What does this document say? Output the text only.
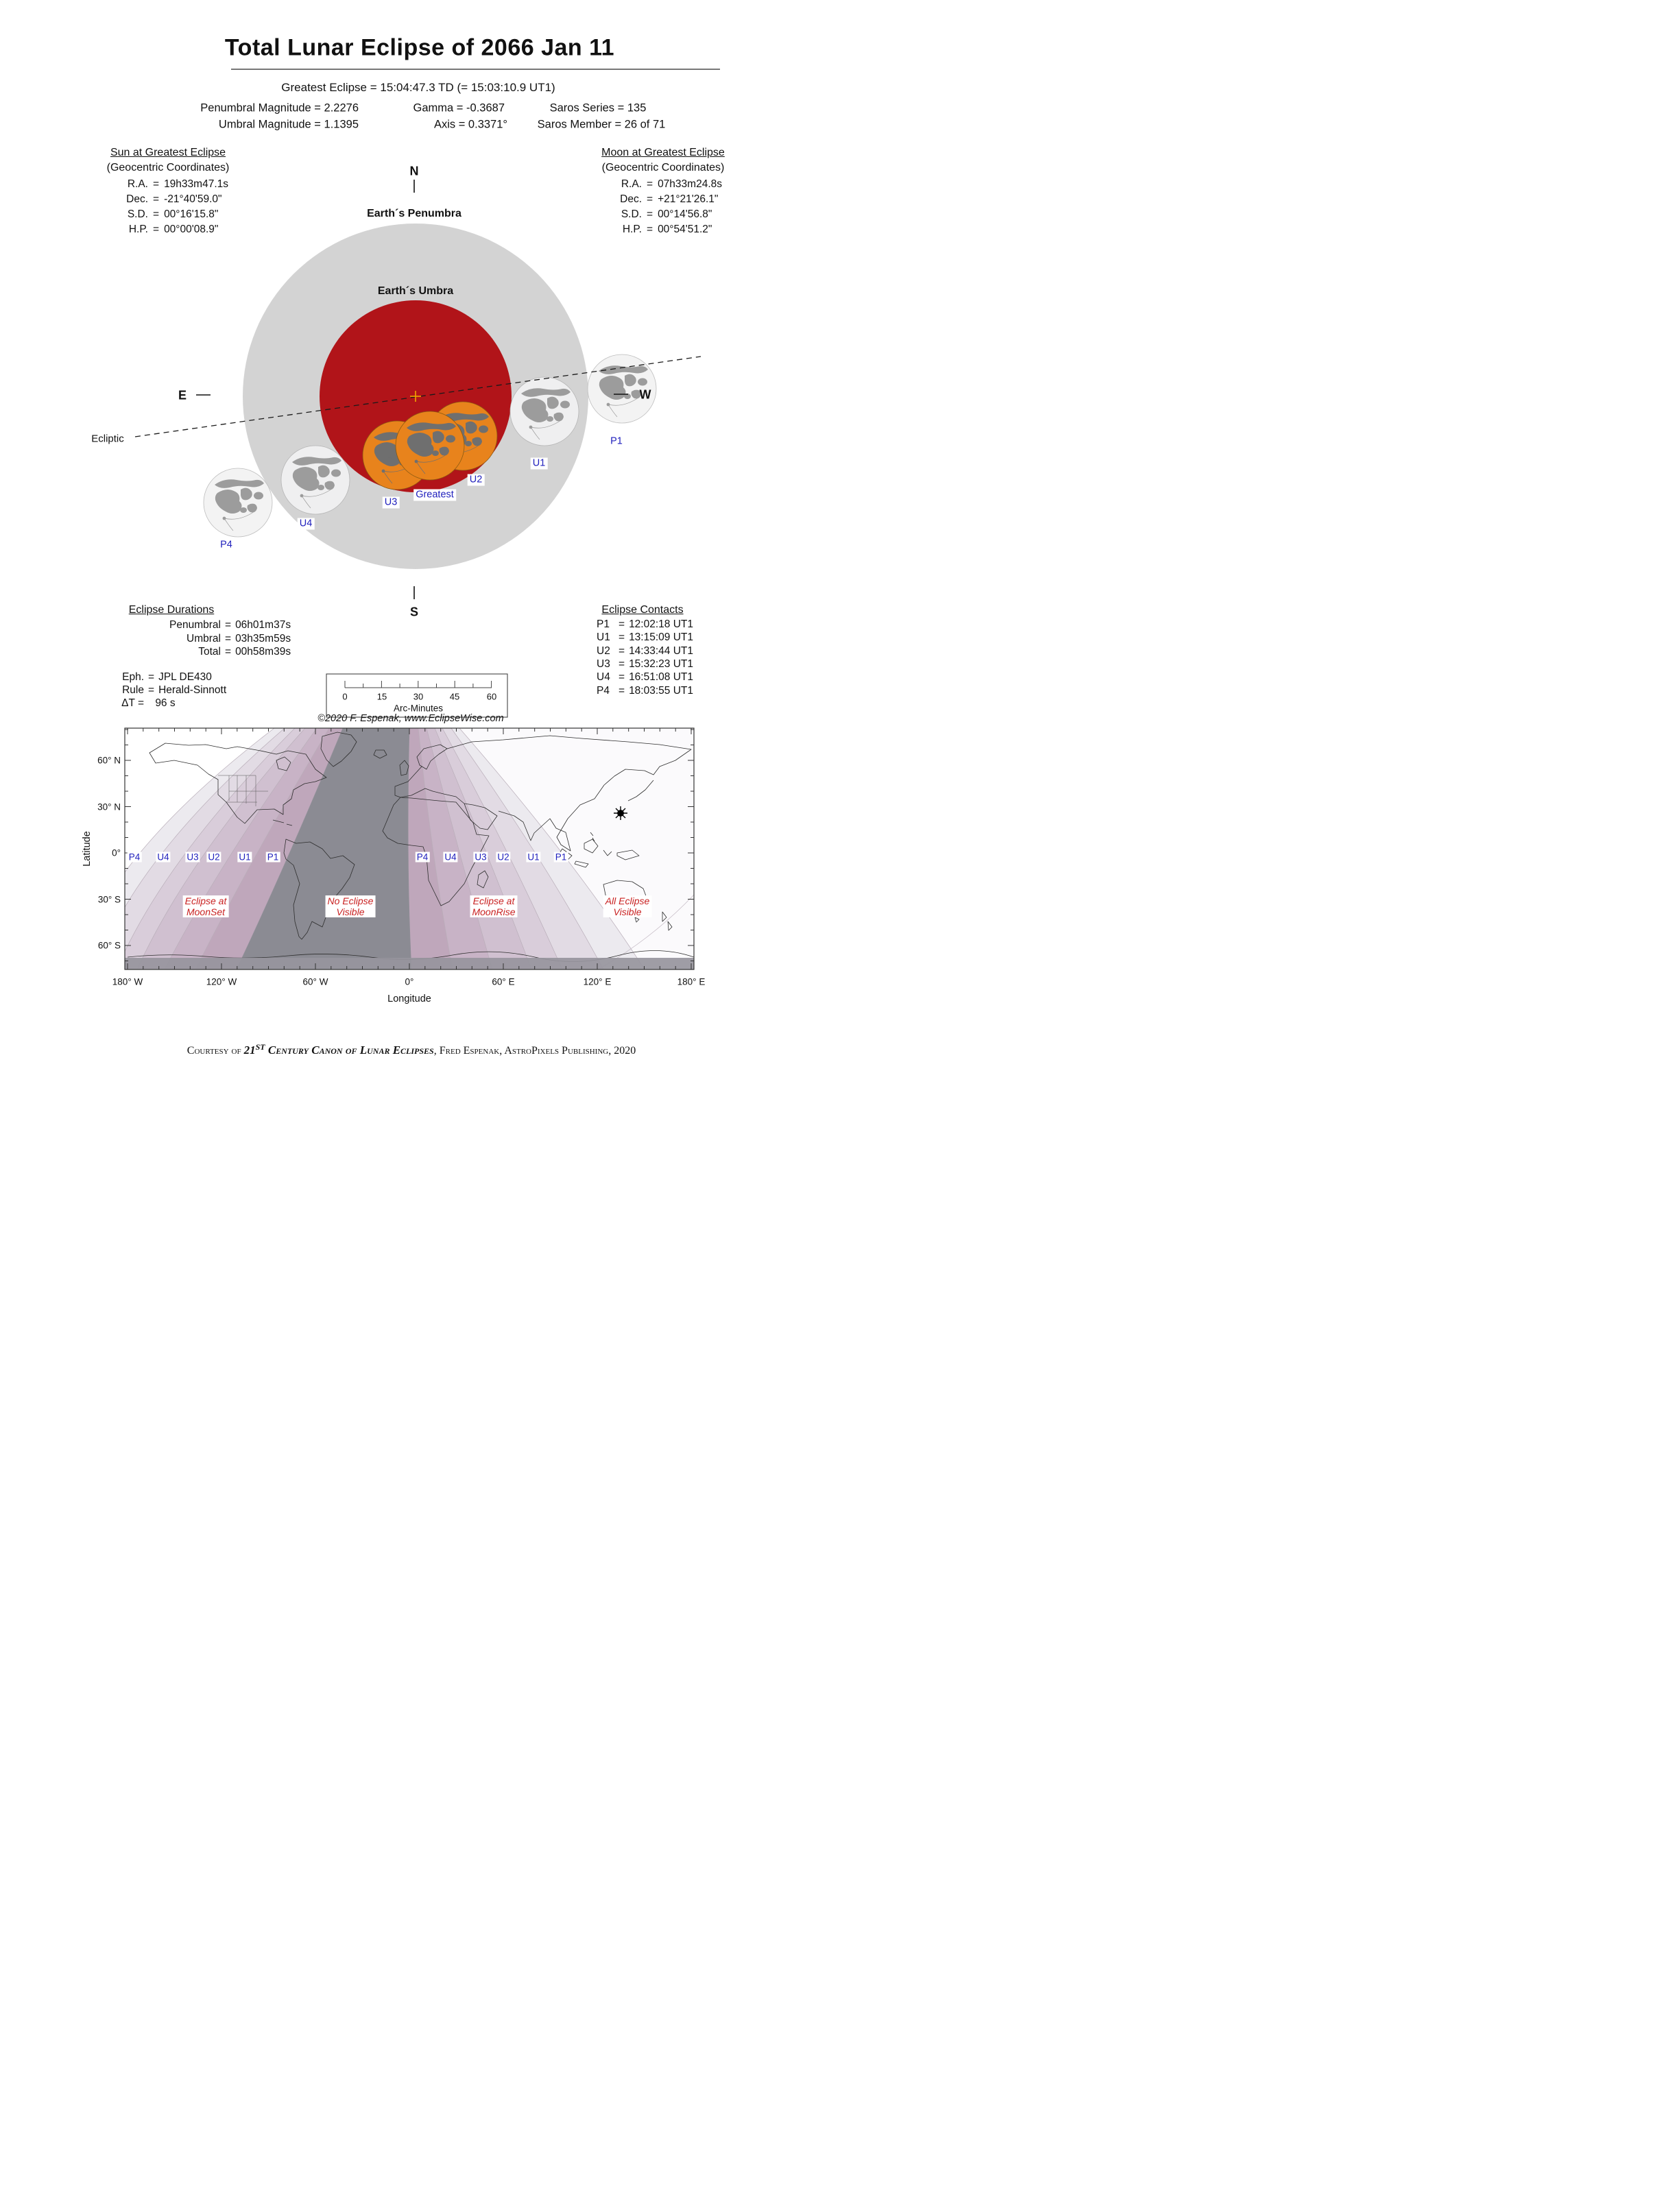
Total Lunar Eclipse of 2066 Jan 11
Greatest Eclipse = 15:04:47.3 TD (= 15:03:10.9 UT1)
Penumbral Magnitude = 2.2276	Gamma = -0.3687	Saros Series = 135
Umbral Magnitude = 1.1395	Axis = 0.3371°	Saros Member = 26 of 71
Sun at Greatest Eclipse
(Geocentric Coordinates)
R.A. = 19h33m47.1s
Dec. = -21°40'59.0"
S.D. = 00°16'15.8"
H.P. = 00°00'08.9"
Moon at Greatest Eclipse
(Geocentric Coordinates)
R.A. = 07h33m24.8s
Dec. = +21°21'26.1"
S.D. = 00°14'56.8"
H.P. = 00°54'51.2"
N
S
E	W
Earth´s Penumbra
Earth´s Umbra
Ecliptic	P1
U1
U2
Greatest
U3
U4
P4
Eclipse Durations
Penumbral = 06h01m37s
Umbral = 03h35m59s
Total = 00h58m39s
Eph. = JPL DE430
Rule = Herald-Sinnott
ΔT = 96 s
Eclipse Contacts
P1 = 12:02:18 UT1
U1 = 13:15:09 UT1
U2 = 14:33:44 UT1
U3 = 15:32:23 UT1
U4 = 16:51:08 UT1
P4 = 18:03:55 UT1
0	15	30	45	60
Arc-Minutes
©2020 F. Espenak, www.EclipseWise.com
60° N
30° N
0°
30° S
60° S
180° W	120° W	60° W	0°	60° E	120° E	180° E
Longitude
Latitude	P4 U4 U3 U2 U1 P1	P4 U4 U3 U2 U1 P1
Eclipse at
MoonSet
No Eclipse
Visible
Eclipse at
MoonRise
All Eclipse
Visible
Courtesy of 21st Century Canon of Lunar Eclipses, Fred Espenak, AstroPixels Publishing, 2020
